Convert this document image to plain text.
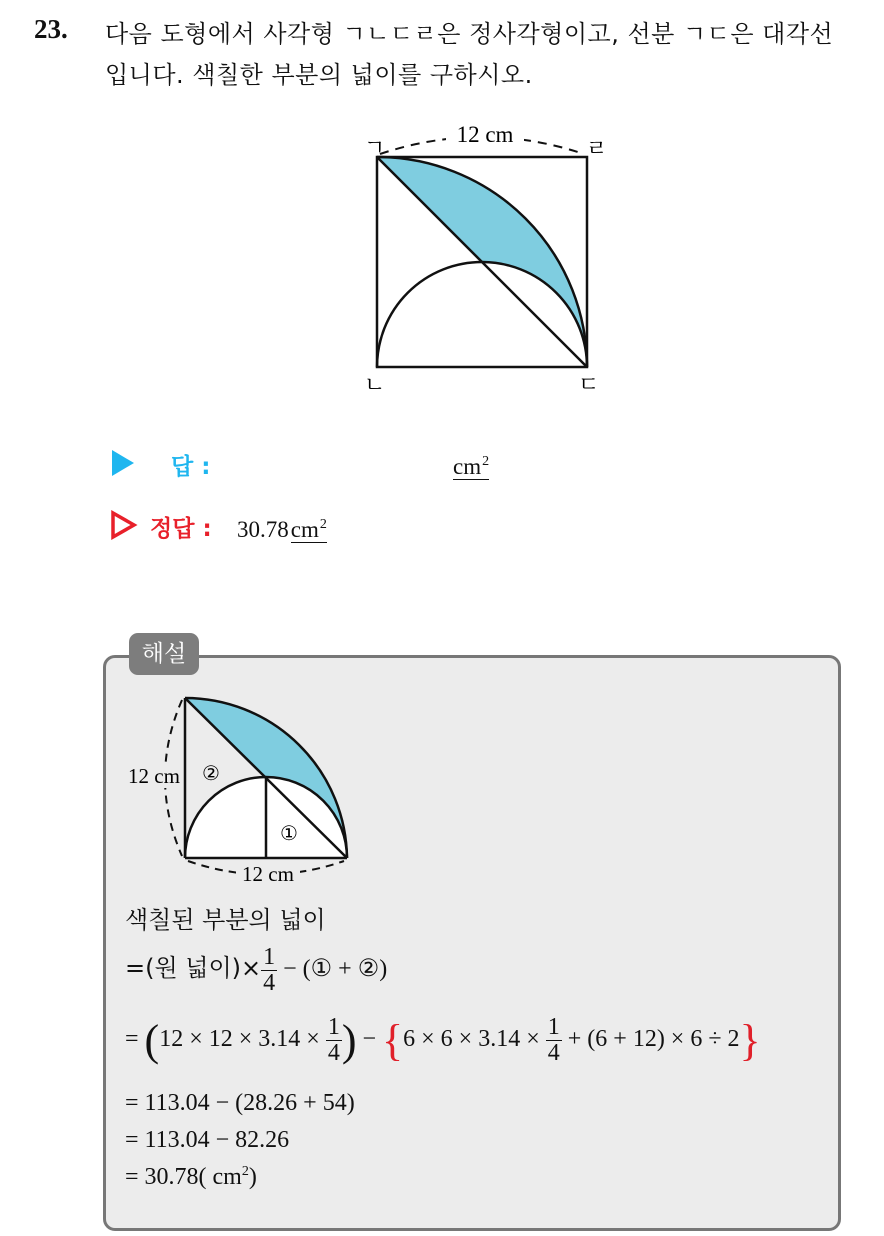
23. 다음 도형에서 사각형 ㄱㄴㄷㄹ은 정사각형이고, 선분 ㄱㄷ은 대각선
입니다. 색칠한 부분의 넓이를 구하시오.
12 cm
ㄱ	ㄹ
ㄴ	ㄷ
답 :	$cm^2$
정답 : $30.78cm^2$
해설
12 cm
12 cm
②
①
색칠된 부분의 넓이
=(원 넓이)× $\frac{1}{4}$ − (① + ②)
= ($12 \times 12 \times 3.14 \times \frac{1}{4}$ ) − $\{6 \times 6 \times 3.14 \times \frac{1}{4} + (6 + 12) \times 6 \div 2\}$
= 113.04 − (28.26 + 54)
= 113.04 − 82.26
= 30.78( $cm^2$)
